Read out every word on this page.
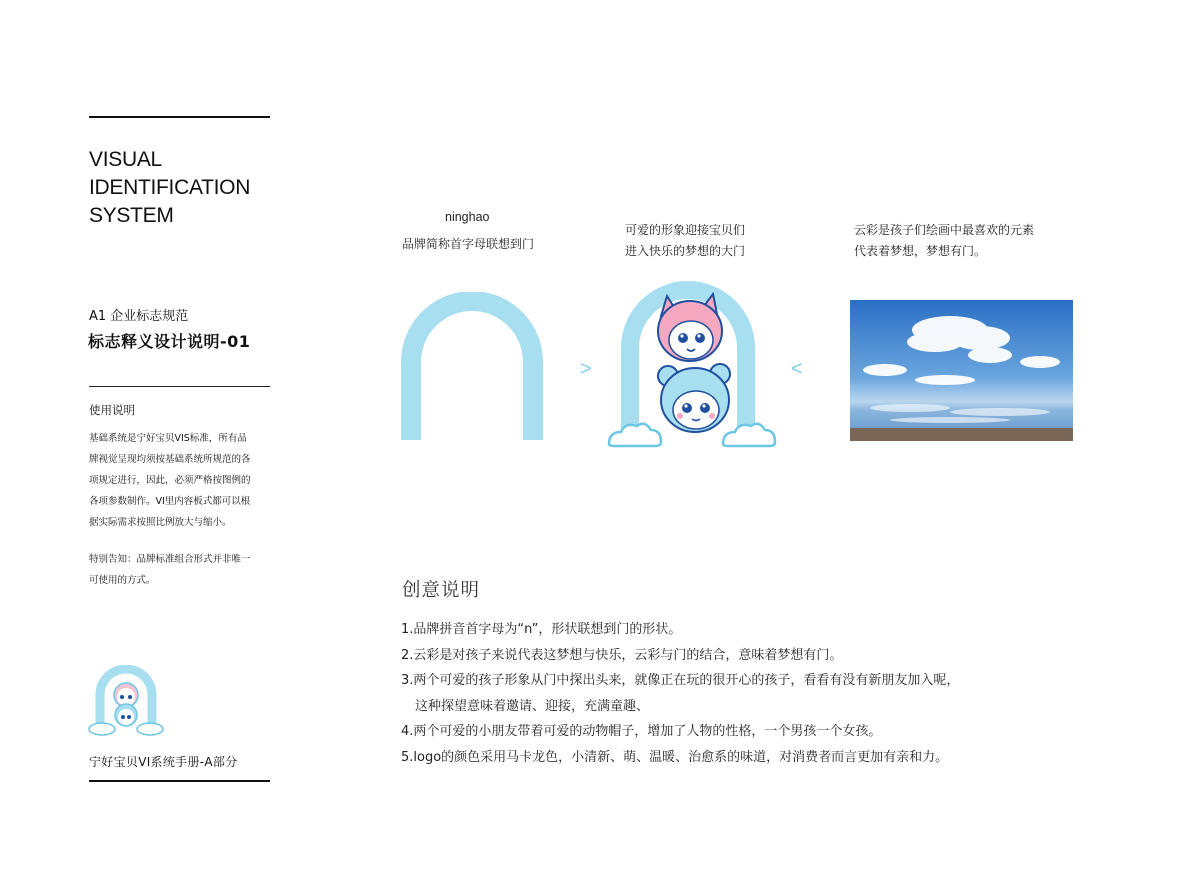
VISUAL
IDENTIFICATION
SYSTEM
A1 企业标志规范
标志释义设计说明-01
使用说明
基础系统是宁好宝贝VIS标准，所有品
牌视觉呈现均须按基础系统所规范的各
项规定进行，因此，必须严格按图例的
各项参数制作。VI里内容板式都可以根
据实际需求按照比例放大与缩小。
特别告知：品牌标准组合形式并非唯一
可使用的方式。
宁好宝贝VI系统手册-A部分
ninghao
品牌简称首字母联想到门
>
可爱的形象迎接宝贝们
进入快乐的梦想的大门
<
云彩是孩子们绘画中最喜欢的元素
代表着梦想，梦想有门。
创意说明
1.品牌拼音首字母为“n”，形状联想到门的形状。
2.云彩是对孩子来说代表这梦想与快乐，云彩与门的结合，意味着梦想有门。
3.两个可爱的孩子形象从门中探出头来，就像正在玩的很开心的孩子，看看有没有新朋友加入呢，
这种探望意味着邀请、迎接，充满童趣、
4.两个可爱的小朋友带着可爱的动物帽子，增加了人物的性格，一个男孩一个女孩。
5.logo的颜色采用马卡龙色，小清新、萌、温暖、治愈系的味道，对消费者而言更加有亲和力。
